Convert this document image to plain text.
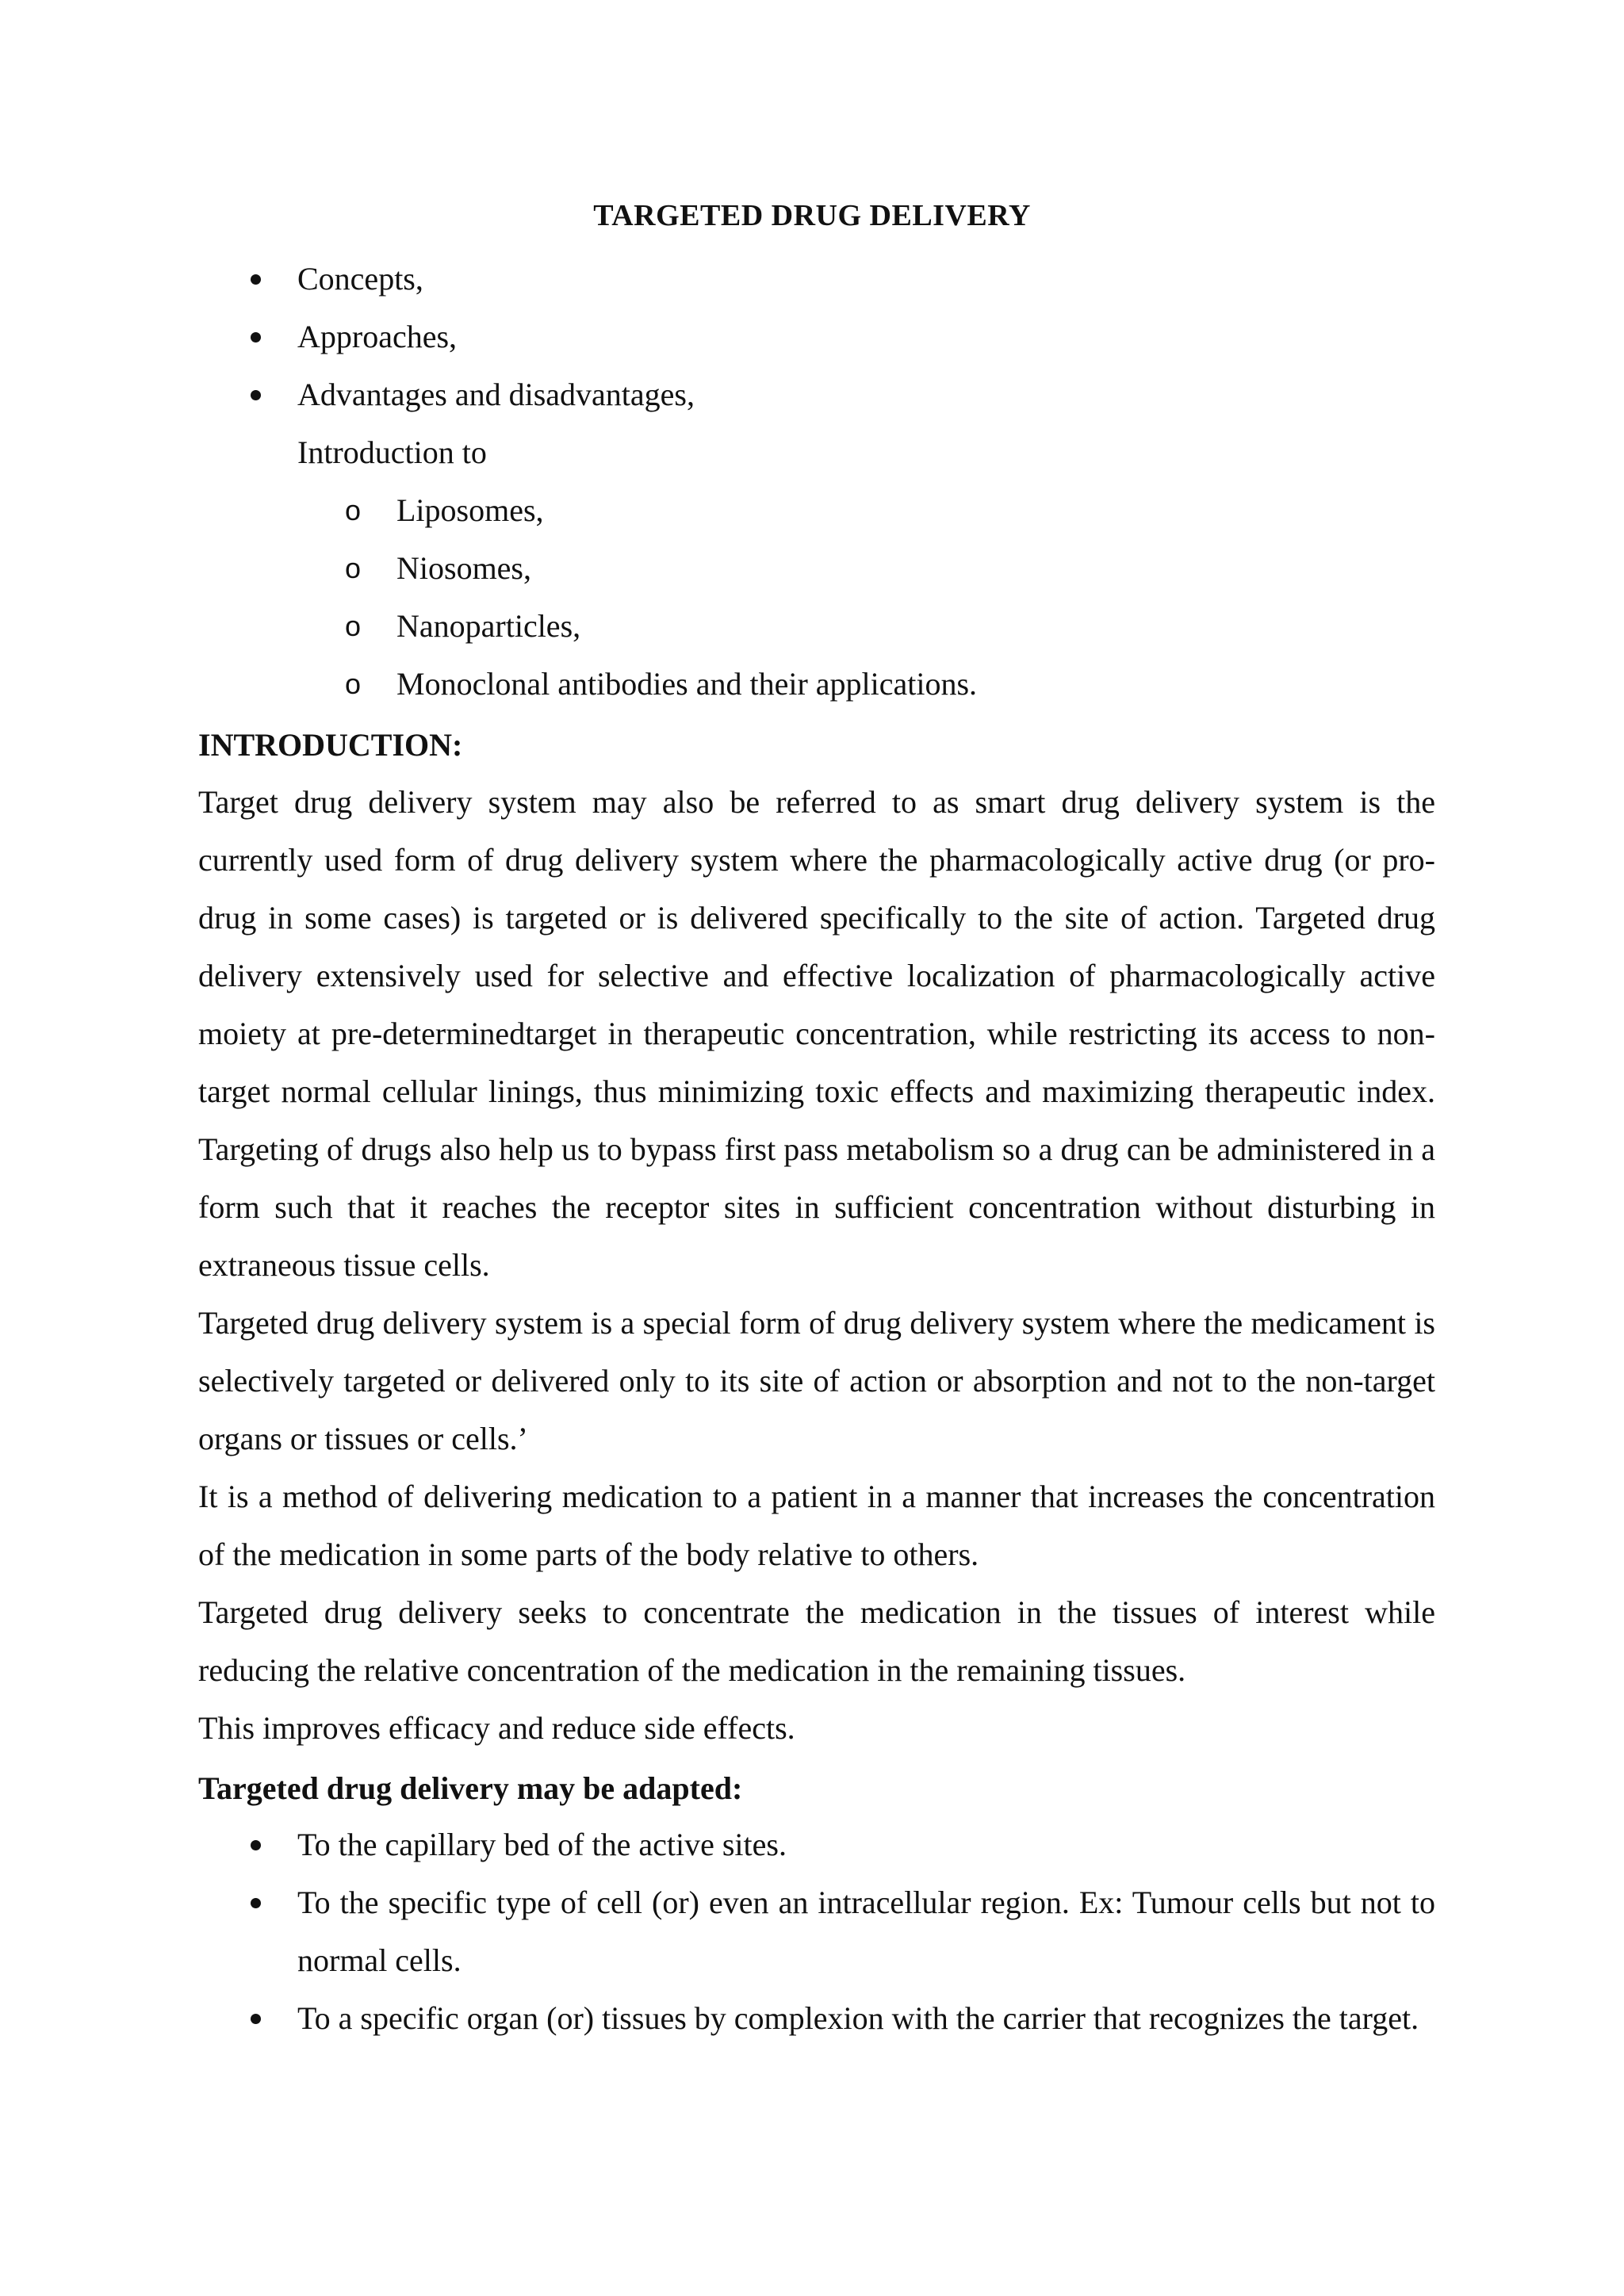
TARGETED DRUG DELIVERY
Concepts,
Approaches,
Advantages and disadvantages,
Introduction to
o Liposomes,
o Niosomes,
o Nanoparticles,
o Monoclonal antibodies and their applications.
INTRODUCTION:

Target drug delivery system may also be referred to as smart drug delivery system is the currently used form of drug delivery system where the pharmacologically active drug (or pro-drug in some cases) is targeted or is delivered specifically to the site of action. Targeted drug delivery extensively used for selective and effective localization of pharmacologically active moiety at pre-determinedtarget in therapeutic concentration, while restricting its access to non-target normal cellular linings, thus minimizing toxic effects and maximizing therapeutic index. Targeting of drugs also help us to bypass first pass metabolism so a drug can be administered in a form such that it reaches the receptor sites in sufficient concentration without disturbing in extraneous tissue cells.

Targeted drug delivery system is a special form of drug delivery system where the medicament is selectively targeted or delivered only to its site of action or absorption and not to the non-target organs or tissues or cells.’

It is a method of delivering medication to a patient in a manner that increases the concentration of the medication in some parts of the body relative to others.

Targeted drug delivery seeks to concentrate the medication in the tissues of interest while reducing the relative concentration of the medication in the remaining tissues.

This improves efficacy and reduce side effects.

Targeted drug delivery may be adapted:
To the capillary bed of the active sites.
To the specific type of cell (or) even an intracellular region. Ex: Tumour cells but not to normal cells.
To a specific organ (or) tissues by complexion with the carrier that recognizes the target.
